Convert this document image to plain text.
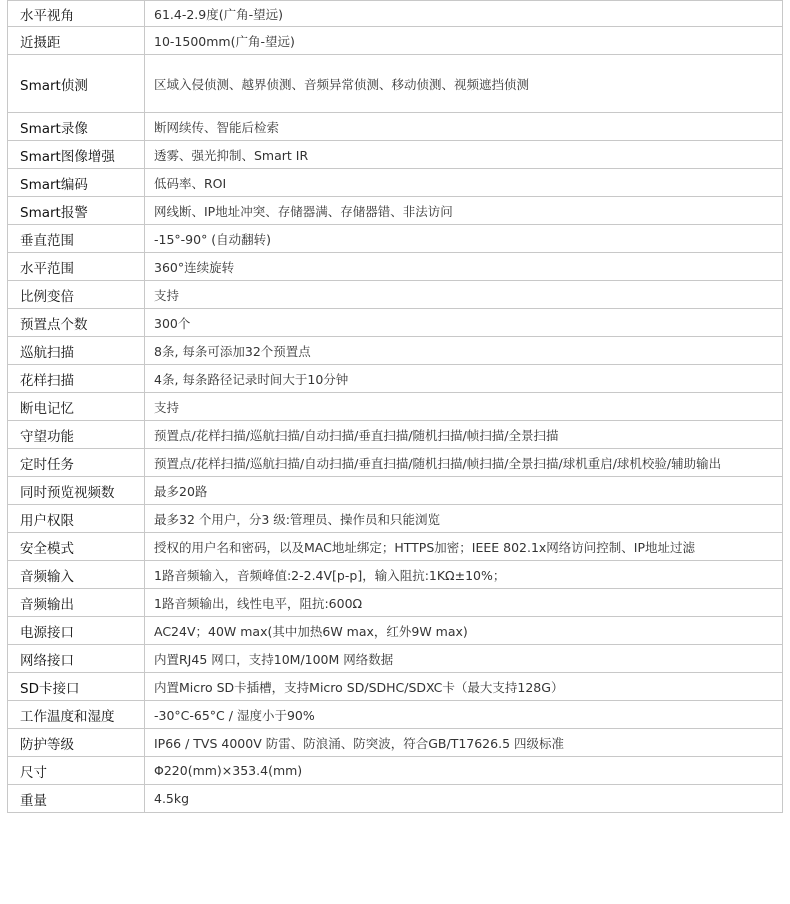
水平视角	61.4-2.9度(广角-望远)
近摄距	10-1500mm(广角-望远)
Smart侦测	区域入侵侦测、越界侦测、音频异常侦测、移动侦测、视频遮挡侦测
Smart录像	断网续传、智能后检索
Smart图像增强	透雾、强光抑制、Smart IR
Smart编码	低码率、ROI
Smart报警	网线断、IP地址冲突、存储器满、存储器错、非法访问
垂直范围	-15°-90° (自动翻转)
水平范围	360°连续旋转
比例变倍	支持
预置点个数	300个
巡航扫描	8条, 每条可添加32个预置点
花样扫描	4条, 每条路径记录时间大于10分钟
断电记忆	支持
守望功能	预置点/花样扫描/巡航扫描/自动扫描/垂直扫描/随机扫描/帧扫描/全景扫描
定时任务	预置点/花样扫描/巡航扫描/自动扫描/垂直扫描/随机扫描/帧扫描/全景扫描/球机重启/球机校验/辅助输出
同时预览视频数	最多20路
用户权限	最多32 个用户，分3 级:管理员、操作员和只能浏览
安全模式	授权的用户名和密码，以及MAC地址绑定；HTTPS加密；IEEE 802.1x网络访问控制、IP地址过滤
音频输入	1路音频输入，音频峰值:2-2.4V[p-p]，输入阻抗:1KΩ±10%；
音频输出	1路音频输出，线性电平，阻抗:600Ω
电源接口	AC24V；40W max(其中加热6W max，红外9W max)
网络接口	内置RJ45 网口，支持10M/100M 网络数据
SD卡接口	内置Micro SD卡插槽，支持Micro SD/SDHC/SDXC卡（最大支持128G）
工作温度和湿度	-30°C-65°C / 湿度小于90%
防护等级	IP66 / TVS 4000V 防雷、防浪涌、防突波，符合GB/T17626.5 四级标准
尺寸	Φ220(mm)×353.4(mm)
重量	4.5kg
